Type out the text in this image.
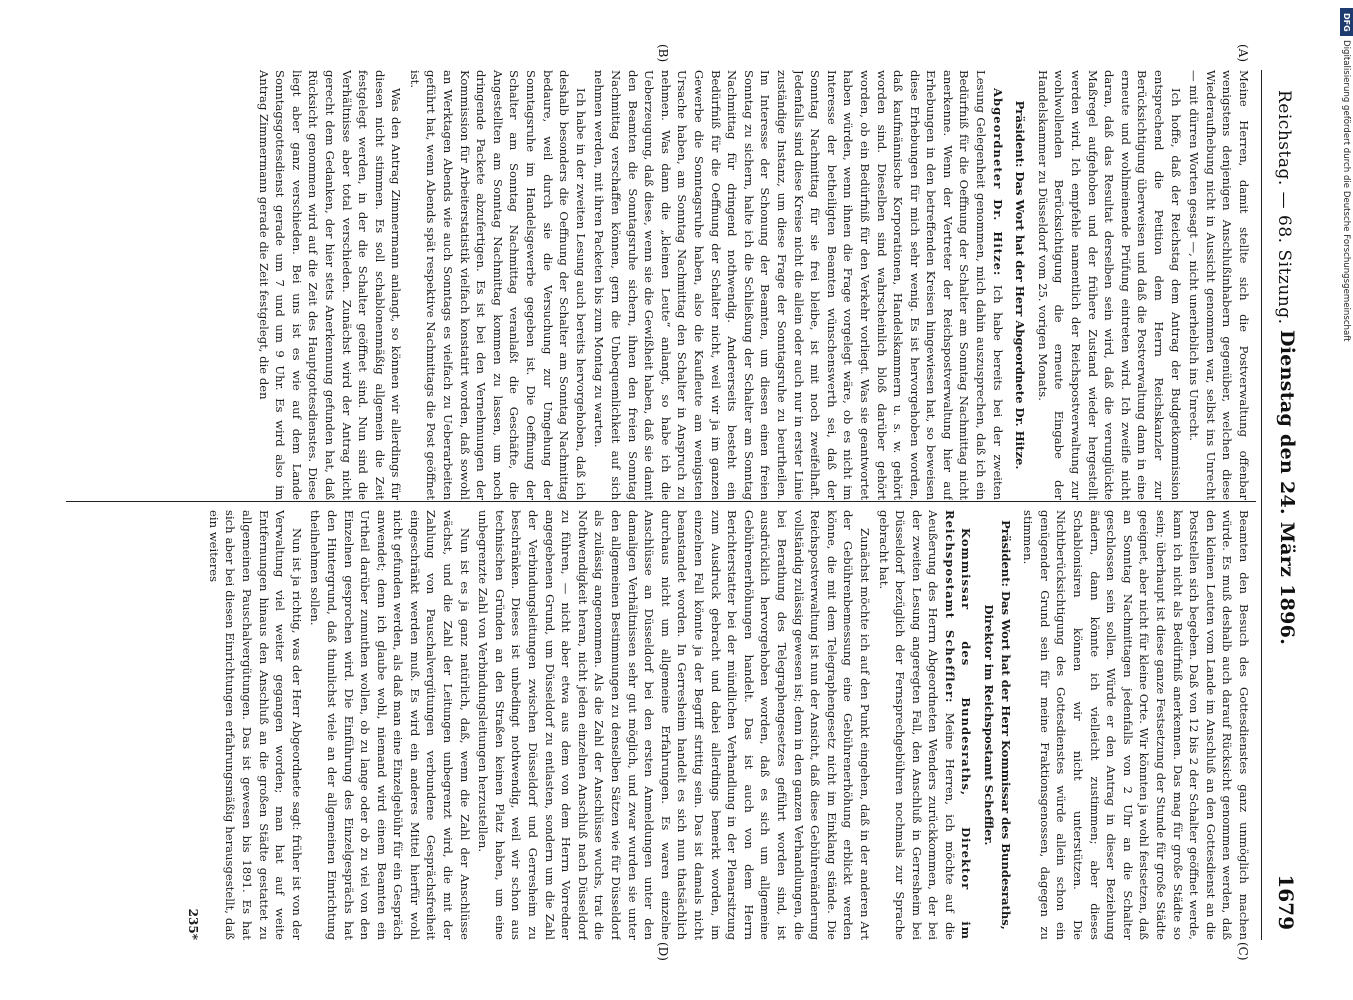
Reichstag. — 68. Sitzung.
Dienstag den 24. März 1896.
1679
Meine Herren, damit stellte sich die Postverwaltung offenbar wenigstens denjenigen Anschlußinhabern gegenüber, welchen diese Wiederaufhebung nicht in Aussicht genommen war, selbst ins Unrecht — mit dürren Worten gesagt —, nicht unerheblich ins Unrecht.
Ich hoffe, daß der Reichstag dem Antrag der Budgetkommission entsprechend die Petition dem Herrn Reichskanzler zur Berücksichtigung überweisen und daß die Postverwaltung dann in eine erneute und wohlmeinende Prüfung eintreten wird. Ich zweifle nicht daran, daß das Resultat derselben sein wird, daß die verunglückte Maßregel aufgehoben und der frühere Zustand wieder hergestellt werden wird. Ich empfehle namentlich der Reichspostverwaltung zur wohlwollenden Berücksichtigung die erneute Eingabe der Handelskammer zu Düsseldorf vom 25. vorigen Monats.
Präsident: Das Wort hat der Herr Abgeordnete Dr. Hitze.
Abgeordneter Dr. Hitze: Ich habe bereits bei der zweiten Lesung Gelegenheit genommen, mich dahin auszusprechen, daß ich ein Bedürfniß für die Oeffnung der Schalter am Sonntag Nachmittag nicht anerkenne. Wenn der Vertreter der Reichspostverwaltung hier auf Erhebungen in den betreffenden Kreisen hingewiesen hat, so beweisen diese Erhebungen für mich sehr wenig. Es ist hervorgehoben worden, daß kaufmännische Korporationen, Handelskammern u. s. w. gehört worden sind. Dieselben sind wahrscheinlich bloß darüber gehört worden, ob ein Bedürfniß für den Verkehr vorliegt. Was sie geantwortet haben würden, wenn ihnen die Frage vorgelegt wäre, ob es nicht im Interesse der betheiligten Beamten wünschenswerth sei, daß der Sonntag Nachmittag für sie frei bleibe, ist mit noch zweifelhaft. Jedenfalls sind diese Kreise nicht die allein oder auch nur in erster Linie zuständige Instanz, um diese Frage der Sonntagsruhe zu beurtheilen. Im Interesse der Schonung der Beamten, um diesen einen freien Sonntag zu sichern, halte ich die Schließung der Schalter am Sonntag Nachmittag für dringend nothwendig. Andererseits besteht ein Bedürfniß für die Oeffnung der Schalter nicht, weil wir ja im ganzen Gewerbe die Sonntagsruhe haben, also die Kaufleute am wenigsten Ursache haben, am Sonntag Nachmittag den Schalter in Anspruch zu nehmen. Was dann die „kleinen Leute“ anlangt, so habe ich die Ueberzeugung, daß diese, wenn sie die Gewißheit haben, daß sie damit den Beamten die Sonntagsruhe sichern, ihnen den freien Sonntag Nachmittag verschaffen können, gern die Unbequemlichkeit auf sich nehmen werden, mit ihren Packeten bis zum Montag zu warten.
Ich habe in der zweiten Lesung auch bereits hervorgehoben, daß ich deshalb besonders die Oeffnung der Schalter am Sonntag Nachmittag bedaure, weil durch sie die Versuchung zur Umgehung der Sonntagsruhe im Handelsgewerbe gegeben ist. Die Oeffnung der Schalter am Sonntag Nachmittag veranlaßt die Geschäfte, die Angestellten am Sonntag Nachmittag kommen zu lassen, um noch dringende Packete abzufertigen. Es ist bei den Vernehmungen der Kommission für Arbeiterstatistik vielfach konstatirt worden, daß sowohl an Werktagen Abends wie auch Sonntags es vielfach zu Ueberarbeiten geführt hat, wenn Abends spät respektive Nachmittags die Post geöffnet ist.
Was den Antrag Zimmermann anlangt, so können wir allerdings für diesen nicht stimmen. Es soll schablonenmäßig allgemein die Zeit festgelegt werden, in der die Schalter geöffnet sind. Nun sind die Verhältnisse aber total verschieden. Zunächst wird der Antrag nicht gerecht dem Gedanken, der hier stets Anerkennung gefunden hat, daß Rücksicht genommen wird auf die Zeit des Hauptgottesdienstes. Diese liegt aber ganz verschieden. Bei uns ist es wie auf dem Lande Sonntagsgottesdienst gerade um 7 und um 9 Uhr. Es wird also im Antrag Zimmermann gerade die Zeit festgelegt, die den
Beamten den Besuch des Gottesdienstes ganz unmöglich machen würde. Es muß deshalb auch darauf Rücksicht genommen werden, daß den kleinen Leuten vom Lande im Anschluß an den Gottesdienst an die Poststellen sich begeben. Daß von 12 bis 2 der Schalter geöffnet werde, kann ich nicht als Bedürfniß anerkennen. Das mag für große Städte so sein; überhaupt ist diese ganze Festsetzung der Stunde für große Städte geeignet, aber nicht für kleine Orte. Wir könnten ja wohl festsetzen, daß an Sonntag Nachmittagen jedenfalls von 2 Uhr an die Schalter geschlossen sein sollen. Würde er den Antrag in dieser Beziehung ändern, dann könnte ich vielleicht zustimmen; aber dieses Schablonisiren können wir nicht unterstützen. Die Nichtberücksichtigung des Gottesdienstes würde allein schon ein genügender Grund sein für meine Fraktionsgenossen, dagegen zu stimmen.
Präsident: Das Wort hat der Herr Kommissar des Bundesraths, Direktor im Reichspostamt Scheffler.
Kommissar des Bundesraths, Direktor im Reichspostamt Scheffler: Meine Herren, ich möchte auf die Aeußerung des Herrn Abgeordneten Wenders zurückkommen, der bei der zweiten Lesung angeregten Fall, den Anschluß in Gerresheim bei Düsseldorf bezüglich der Fernsprechgebühren nochmals zur Sprache gebracht hat.
Zunächst möchte ich auf den Punkt eingehen, daß in der anderen Art der Gebührenbemessung eine Gebührenerhöhung erblickt werden könne, die mit dem Telegraphengesetz nicht im Einklang stände. Die Reichspostverwaltung ist nun der Ansicht, daß diese Gebührenänderung vollständig zulässig gewesen ist; denn in den ganzen Verhandlungen, die bei Berathung des Telegraphengesetzes geführt worden sind, ist ausdrücklich hervorgehoben worden, daß es sich um allgemeine Gebührenerhöhungen handelt. Das ist auch von dem Herrn Berichterstatter bei der mündlichen Verhandlung in der Plenarsitzung zum Ausdruck gebracht und dabei allerdings bemerkt worden, im einzelnen Fall könnte ja der Begriff strittig sein. Das ist damals nicht beanstandet worden. In Gerresheim handelt es sich nun thatsächlich durchaus nicht um allgemeine Erfahrungen. Es waren einzelne Anschlüsse an Düsseldorf bei den ersten Anmeldungen unter den damaligen Verhältnissen sehr gut möglich, und zwar wurden sie unter den allgemeinen Bestimmungen zu denselben Sätzen wie für Düsseldorf als zulässig angenommen. Als die Zahl der Anschlüsse wuchs, trat die Nothwendigkeit heran, nicht jeden einzelnen Anschluß nach Düsseldorf zu führen, — nicht aber etwa aus dem von dem Herrn Vorredner angegebenen Grund, um Düsseldorf zu entlasten, sondern um die Zahl der Verbindungsleitungen zwischen Düsseldorf und Gerresheim zu beschränken. Dieses ist unbedingt nothwendig, weil wir schon aus technischen Gründen an den Straßen keinen Platz haben, um eine unbegrenzte Zahl von Verbindungsleitungen herzustellen.
Nun ist es ja ganz natürlich, daß, wenn die Zahl der Anschlüsse wächst, und die Zahl der Leitungen unbegrenzt wird, die mit der Zahlung von Pauschalvergütungen verbundene Gesprächsfreiheit eingeschränkt werden muß. Es wird ein anderes Mittel hierfür wohl nicht gefunden werden, als daß man eine Einzelgebühr für ein Gespräch anwendet; denn ich glaube wohl, niemand wird einem Beamten ein Urtheil darüber zumuthen wollen, ob zu lange oder ob zu viel von den Einzelnen gesprochen wird. Die Einführung des Einzelgesprächs hat den Hintergrund, daß thunlichst viele an der allgemeinen Einrichtung theilnehmen sollen.
Nun ist ja richtig, was der Herr Abgeordnete sagt: früher ist von der Verwaltung viel weiter gegangen worden; man hat auf weite Entfernungen hinaus den Anschluß an die großen Städte gestattet zu allgemeinen Pauschalvergütungen. Das ist gewesen bis 1891. Es hat sich aber bei diesen Einrichtungen erfahrungsmäßig herausgestellt, daß ein weiteres
235*
(A)
(B)
(C)
(D)
DFG
Digitalisierung gefördert durch die Deutsche Forschungsgemeinschaft
